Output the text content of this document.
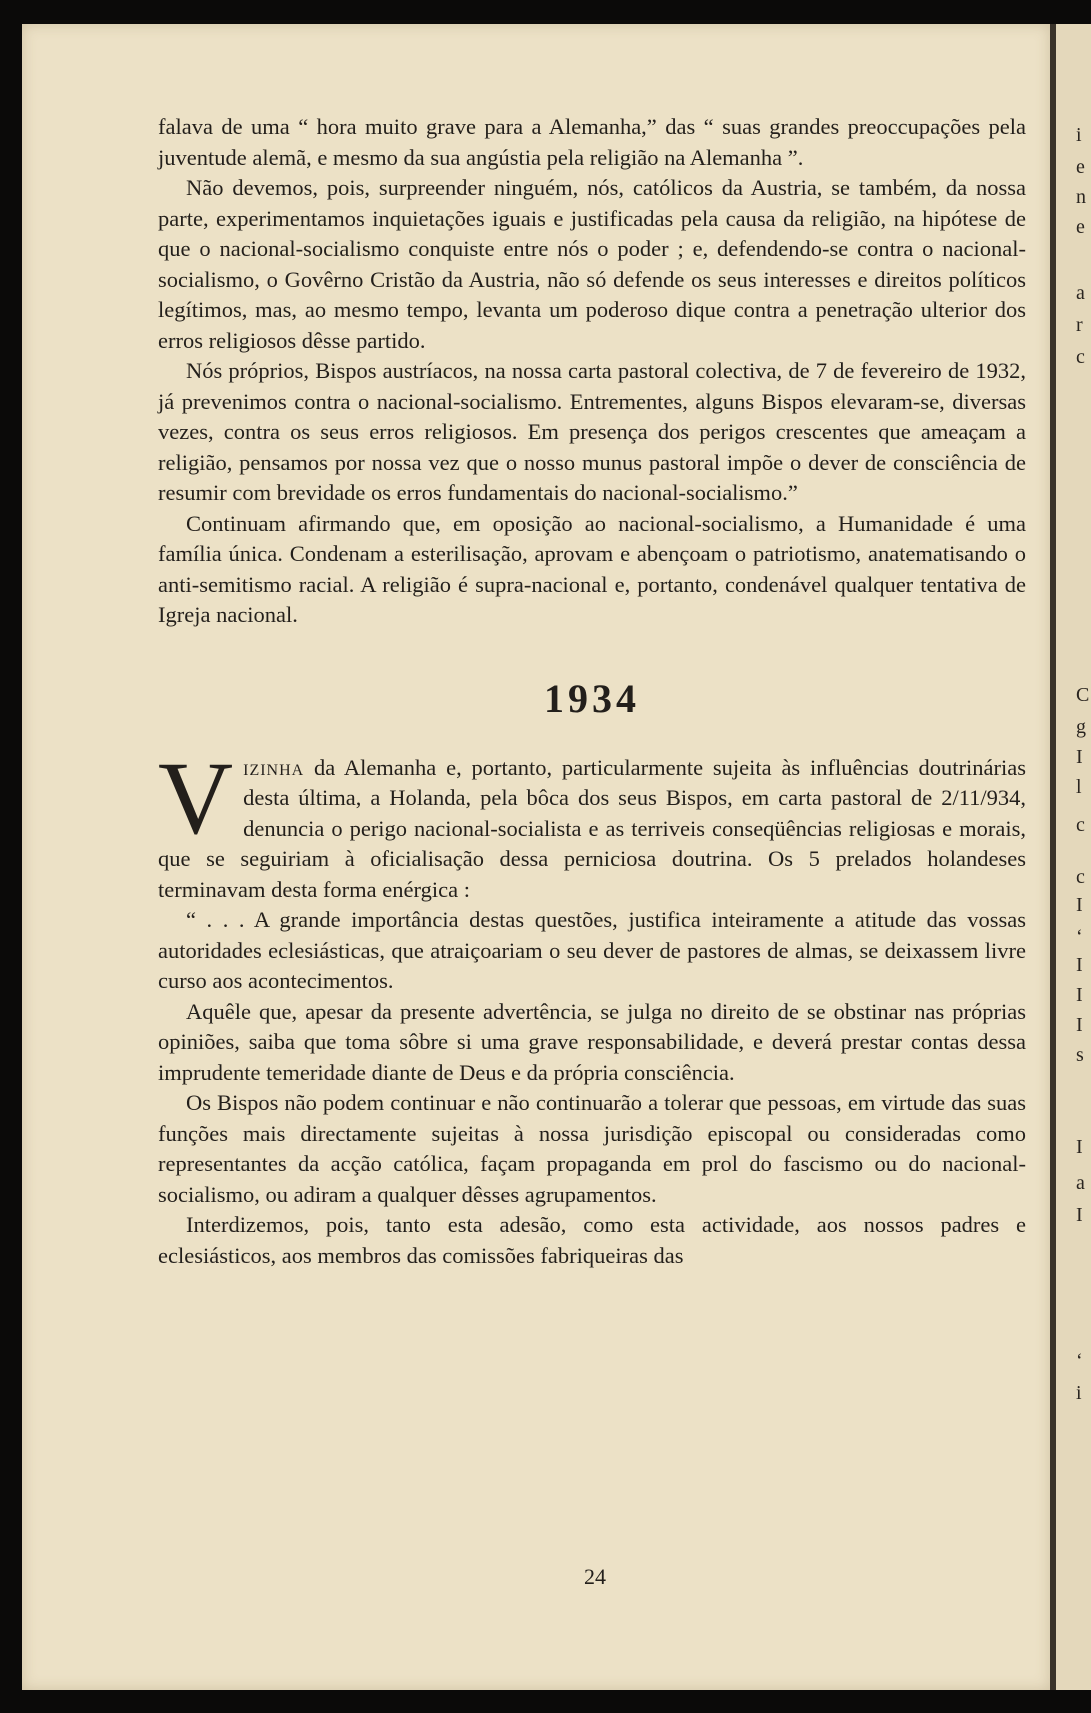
i
e
n
e
a
r
c
C
g
I
l
c
c
I
‘
I
I
I
s
I
a
I
‘
i

falava de uma “ hora muito grave para a Alemanha,” das “ suas grandes preoccupações pela juventude alemã, e mesmo da sua angústia pela religião na Alemanha ”.

Não devemos, pois, surpreender ninguém, nós, católicos da Austria, se também, da nossa parte, experimentamos inquietações iguais e justificadas pela causa da religião, na hipótese de que o nacional-socialismo conquiste entre nós o poder ; e, defendendo-se contra o nacional-socialismo, o Govêrno Cristão da Austria, não só defende os seus interesses e direitos políticos legítimos, mas, ao mesmo tempo, levanta um poderoso dique contra a penetração ulterior dos erros religiosos dêsse partido.

Nós próprios, Bispos austríacos, na nossa carta pastoral colectiva, de 7 de fevereiro de 1932, já prevenimos contra o nacional-socialismo. Entrementes, alguns Bispos elevaram-se, diversas vezes, contra os seus erros religiosos. Em presença dos perigos crescentes que ameaçam a religião, pensamos por nossa vez que o nosso munus pastoral impõe o dever de consciência de resumir com brevidade os erros fundamentais do nacional-socialismo.”

Continuam afirmando que, em oposição ao nacional-socialismo, a Humanidade é uma família única. Condenam a esterilisação, aprovam e abençoam o patriotismo, anatematisando o anti-semitismo racial. A religião é supra-nacional e, portanto, condenável qualquer tentativa de Igreja nacional.

1934

Vizinha da Alemanha e, portanto, particularmente sujeita às influências doutrinárias desta última, a Holanda, pela bôca dos seus Bispos, em carta pastoral de 2/11/934, denuncia o perigo nacional-socialista e as terriveis conseqüências religiosas e morais, que se seguiriam à oficialisação dessa perniciosa doutrina. Os 5 prelados holandeses terminavam desta forma enérgica :

“ . . . A grande importância destas questões, justifica inteiramente a atitude das vossas autoridades eclesiásticas, que atraiçoariam o seu dever de pastores de almas, se deixassem livre curso aos acontecimentos.

Aquêle que, apesar da presente advertência, se julga no direito de se obstinar nas próprias opiniões, saiba que toma sôbre si uma grave responsabilidade, e deverá prestar contas dessa imprudente temeridade diante de Deus e da própria consciência.

Os Bispos não podem continuar e não continuarão a tolerar que pessoas, em virtude das suas funções mais directamente sujeitas à nossa jurisdição episcopal ou consideradas como representantes da acção católica, façam propaganda em prol do fascismo ou do nacional-socialismo, ou adiram a qualquer dêsses agrupamentos.

Interdizemos, pois, tanto esta adesão, como esta actividade, aos nossos padres e eclesiásticos, aos membros das comissões fabriqueiras das

24
